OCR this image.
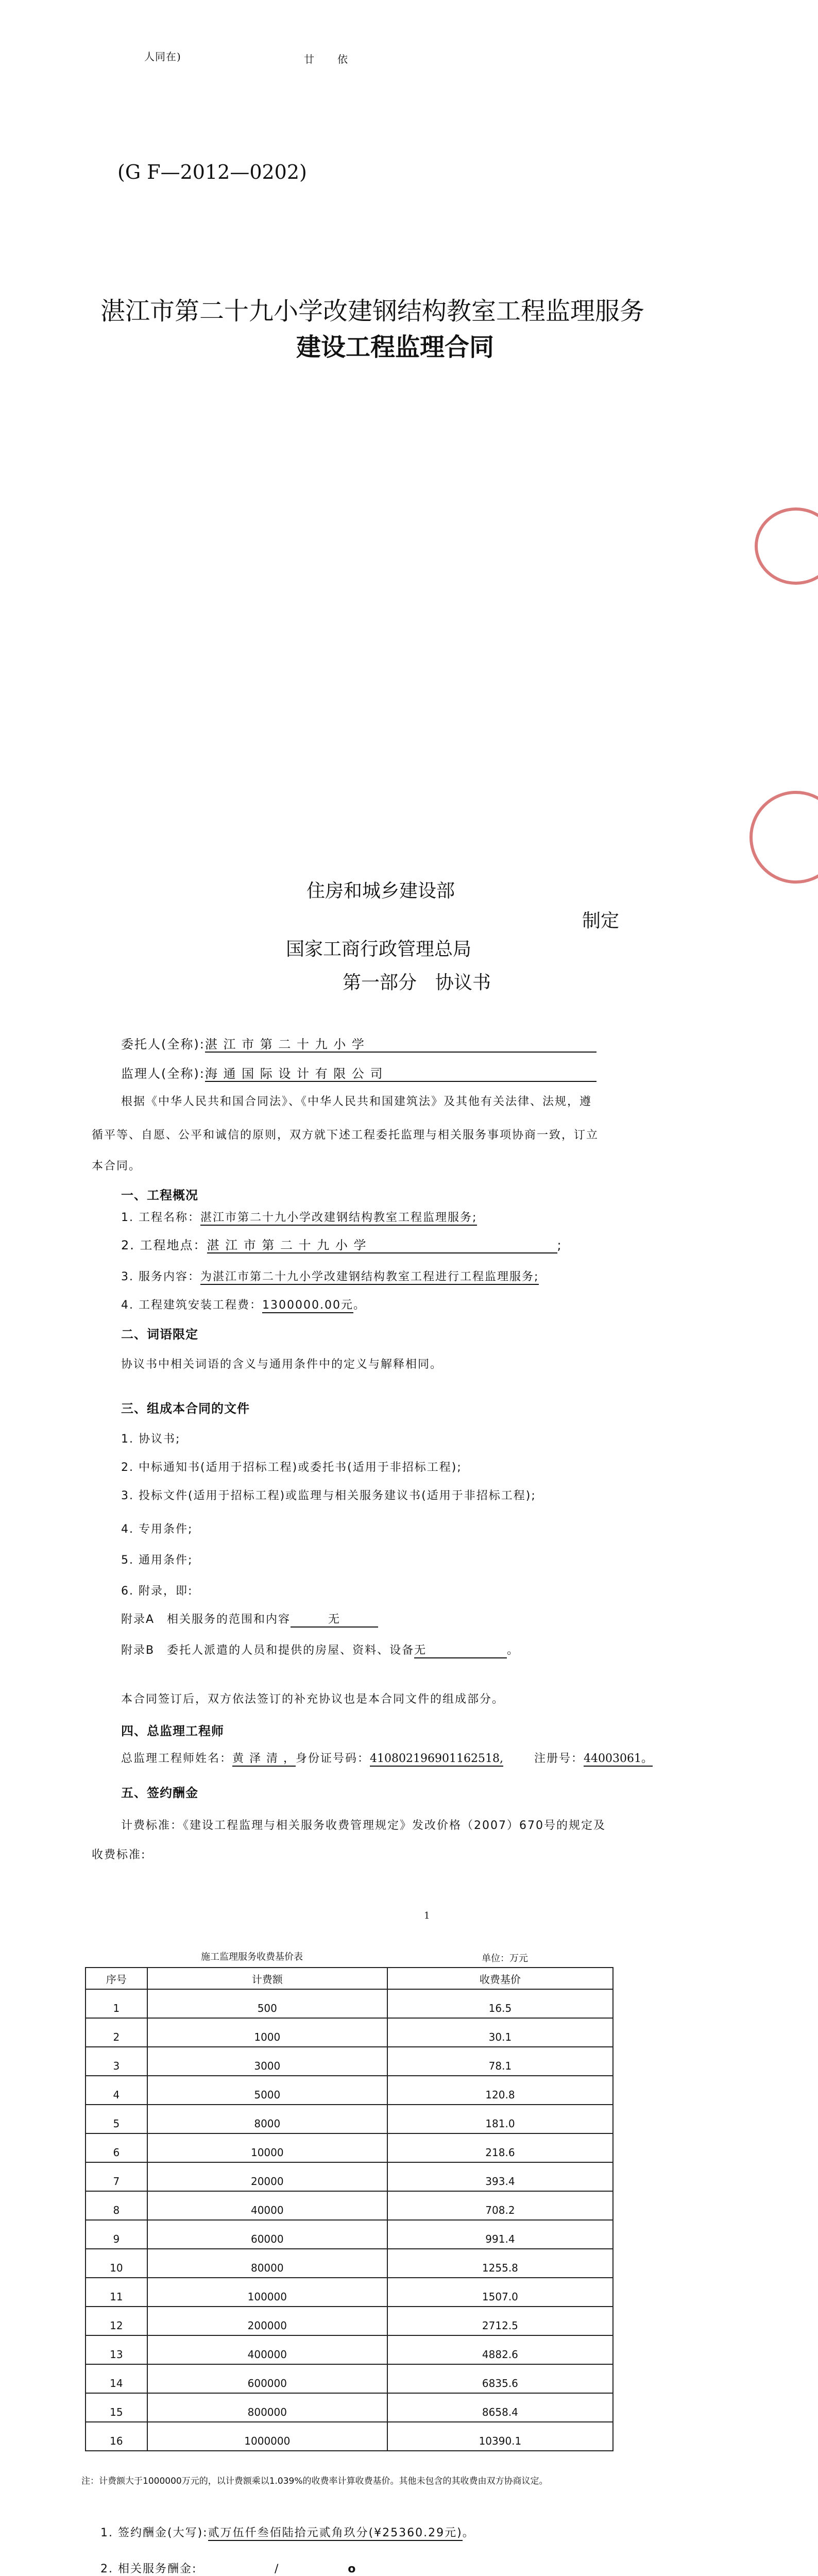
人同在)	廿 依
(G F—2012—0202)
湛江市第二十九小学改建钢结构教室工程监理服务
建设工程监理合同
住房和城乡建设部
制定
国家工商行政管理总局
第一部分　协议书
委托人(全称):湛 江 市 第 二 十 九 小 学
监理人(全称):海 通 国 际 设 计 有 限 公 司
根据《中华人民共和国合同法》、《中华人民共和国建筑法》及其他有关法律、法规，遵
循平等、自愿、公平和诚信的原则，双方就下述工程委托监理与相关服务事项协商一致，订立
本合同。
一、工程概况
1. 工程名称：湛江市第二十九小学改建钢结构教室工程监理服务;
2. 工程地点：湛 江 市 第 二 十 九 小 学	;
3. 服务内容：为湛江市第二十九小学改建钢结构教室工程进行工程监理服务;
4. 工程建筑安装工程费：1300000.00元。
二、词语限定
协议书中相关词语的含义与通用条件中的定义与解释相同。
三、组成本合同的文件
1. 协议书;
2. 中标通知书(适用于招标工程)或委托书(适用于非招标工程);
3. 投标文件(适用于招标工程)或监理与相关服务建议书(适用于非招标工程);
4. 专用条件;
5. 通用条件;
6. 附录，即:
附录A　相关服务的范围和内容	无
附录B　委托人派遣的人员和提供的房屋、资料、设备无	。
本合同签订后，双方依法签订的补充协议也是本合同文件的组成部分。
四、总监理工程师
总监理工程师姓名：黄 泽 清 ，身份证号码：410802196901162518,	注册号：44003061。
五、签约酬金
计费标准：《建设工程监理与相关服务收费管理规定》发改价格（2007）670号的规定及
收费标准:
1
施工监理服务收费基价表	单位：万元
序号	计费额	收费基价
1	500	16.5
2	1000	30.1
3	3000	78.1
4	5000	120.8
5	8000	181.0
6	10000	218.6
7	20000	393.4
8	40000	708.2
9	60000	991.4
10	80000	1255.8
11	100000	1507.0
12	200000	2712.5
13	400000	4882.6
14	600000	6835.6
15	800000	8658.4
16	1000000	10390.1
注：计费额大于1000000万元的，以计费额乘以1.039%的收费率计算收费基价。其他未包含的其收费由双方协商议定。
1. 签约酬金(大写):贰万伍仟叁佰陆拾元贰角玖分(¥25360.29元)。
2. 相关服务酬金:	/	o
